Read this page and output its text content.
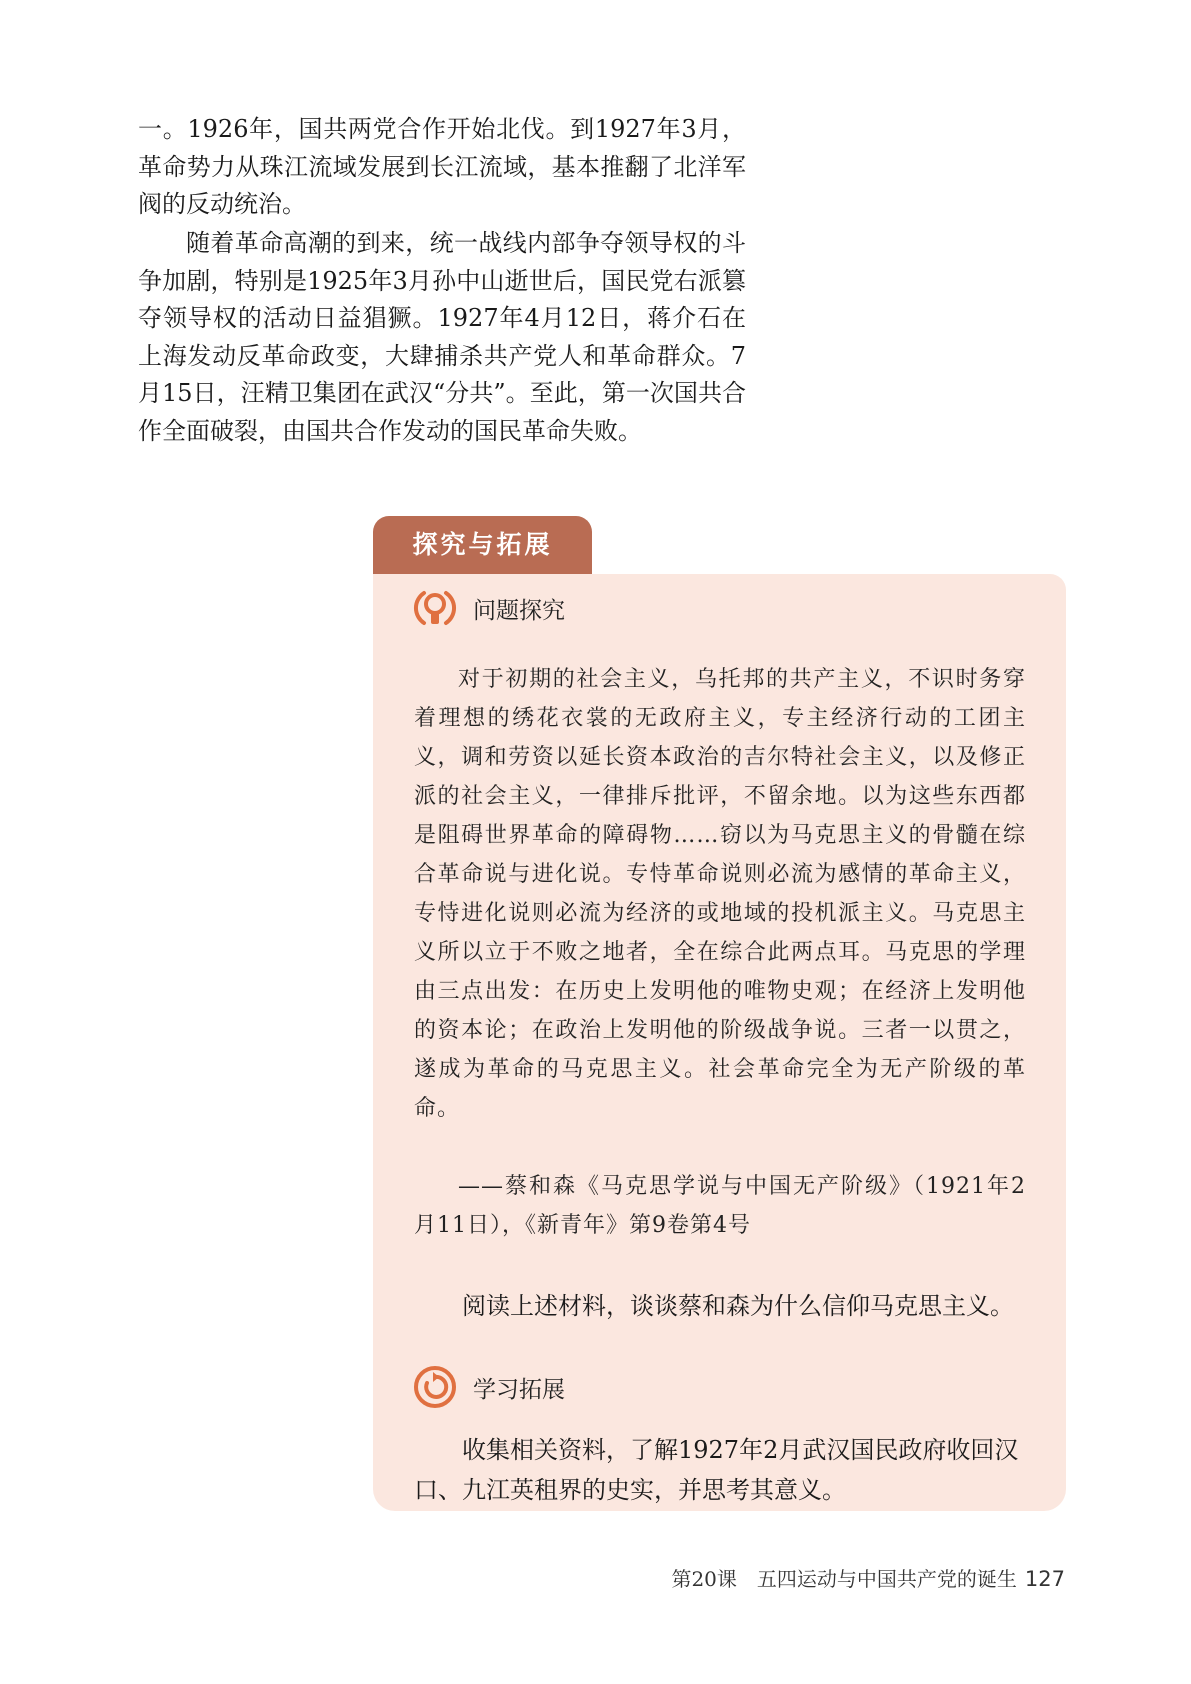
一。1926年，国共两党合作开始北伐。到1927年3月，革命势力从珠江流域发展到长江流域，基本推翻了北洋军阀的反动统治。

随着革命高潮的到来，统一战线内部争夺领导权的斗争加剧，特别是1925年3月孙中山逝世后，国民党右派篡夺领导权的活动日益猖獗。1927年4月12日，蒋介石在上海发动反革命政变，大肆捕杀共产党人和革命群众。7月15日，汪精卫集团在武汉“分共”。至此，第一次国共合作全面破裂，由国共合作发动的国民革命失败。

探究与拓展
问题探究

对于初期的社会主义，乌托邦的共产主义，不识时务穿着理想的绣花衣裳的无政府主义，专主经济行动的工团主义，调和劳资以延长资本政治的吉尔特社会主义，以及修正派的社会主义，一律排斥批评，不留余地。以为这些东西都是阻碍世界革命的障碍物……窃以为马克思主义的骨髓在综合革命说与进化说。专恃革命说则必流为感情的革命主义，专恃进化说则必流为经济的或地域的投机派主义。马克思主义所以立于不败之地者，全在综合此两点耳。马克思的学理由三点出发：在历史上发明他的唯物史观；在经济上发明他的资本论；在政治上发明他的阶级战争说。三者一以贯之，遂成为革命的马克思主义。社会革命完全为无产阶级的革命。

——蔡和森《马克思学说与中国无产阶级》（1921年2月11日），《新青年》第9卷第4号

阅读上述材料，谈谈蔡和森为什么信仰马克思主义。

学习拓展

收集相关资料，了解1927年2月武汉国民政府收回汉口、九江英租界的史实，并思考其意义。

第20课　五四运动与中国共产党的诞生 127
